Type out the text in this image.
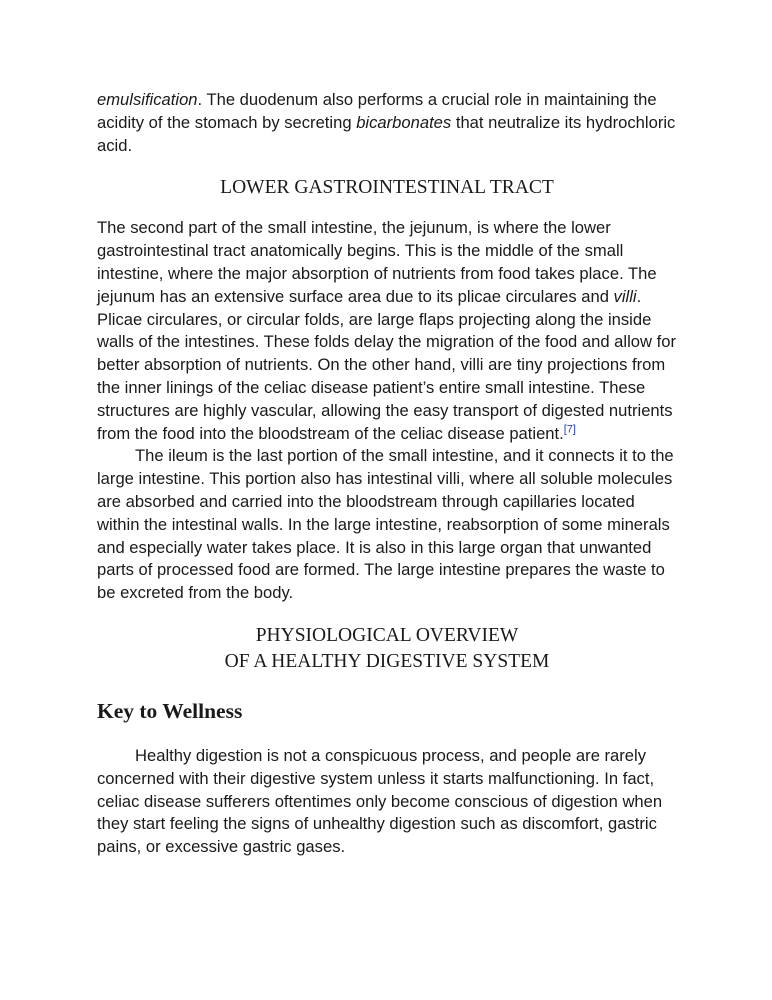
emulsification. The duodenum also performs a crucial role in maintaining the acidity of the stomach by secreting bicarbonates that neutralize its hydrochloric acid.

LOWER GASTROINTESTINAL TRACT

The second part of the small intestine, the jejunum, is where the lower gastrointestinal tract anatomically begins. This is the middle of the small intestine, where the major absorption of nutrients from food takes place. The jejunum has an extensive surface area due to its plicae circulares and villi. Plicae circulares, or circular folds, are large flaps projecting along the inside walls of the intestines. These folds delay the migration of the food and allow for better absorption of nutrients. On the other hand, villi are tiny projections from the inner linings of the celiac disease patient’s entire small intestine. These structures are highly vascular, allowing the easy transport of digested nutrients from the food into the bloodstream of the celiac disease patient.[7]

The ileum is the last portion of the small intestine, and it connects it to the large intestine. This portion also has intestinal villi, where all soluble molecules are absorbed and carried into the bloodstream through capillaries located within the intestinal walls. In the large intestine, reabsorption of some minerals and especially water takes place. It is also in this large organ that unwanted parts of processed food are formed. The large intestine prepares the waste to be excreted from the body.

PHYSIOLOGICAL OVERVIEW
OF A HEALTHY DIGESTIVE SYSTEM
Key to Wellness

Healthy digestion is not a conspicuous process, and people are rarely concerned with their digestive system unless it starts malfunctioning. In fact, celiac disease sufferers oftentimes only become conscious of digestion when they start feeling the signs of unhealthy digestion such as discomfort, gastric pains, or excessive gastric gases.
